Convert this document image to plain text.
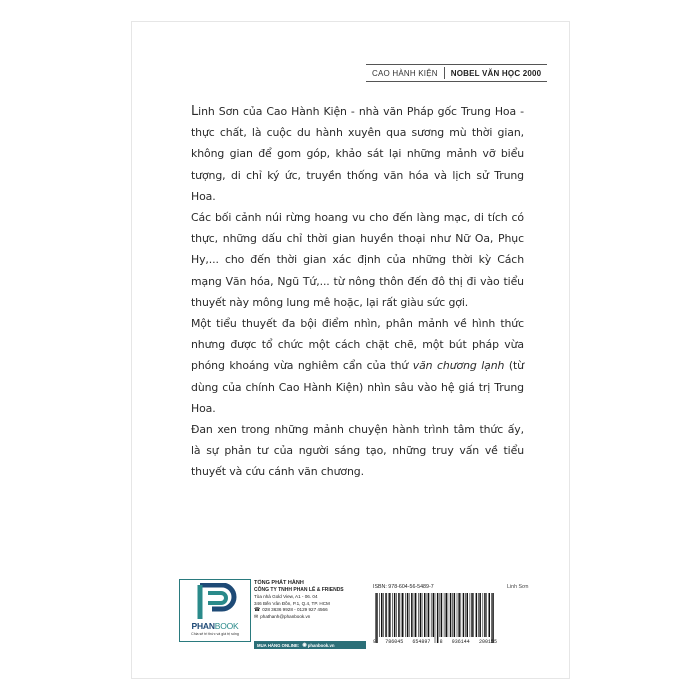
CAO HÀNH KIỆN	NOBEL VĂN HỌC 2000

Linh Sơn của Cao Hành Kiện - nhà văn Pháp gốc Trung Hoa - thực chất, là cuộc du hành xuyên qua sương mù thời gian, không gian để gom góp, khảo sát lại những mảnh vỡ biểu tượng, di chỉ ký ức, truyền thống văn hóa và lịch sử Trung Hoa.

Các bối cảnh núi rừng hoang vu cho đến làng mạc, di tích có thực, những dấu chỉ thời gian huyền thoại như Nữ Oa, Phục Hy,... cho đến thời gian xác định của những thời kỳ Cách mạng Văn hóa, Ngũ Tứ,... từ nông thôn đến đô thị đi vào tiểu thuyết này mông lung mê hoặc, lại rất giàu sức gợi.

Một tiểu thuyết đa bội điểm nhìn, phân mảnh về hình thức nhưng được tổ chức một cách chặt chẽ, một bút pháp vừa phóng khoáng vừa nghiêm cẩn của thứ văn chương lạnh (từ dùng của chính Cao Hành Kiện) nhìn sâu vào hệ giá trị Trung Hoa.

Đan xen trong những mảnh chuyện hành trình tâm thức ấy, là sự phản tư của người sáng tạo, những truy vấn về tiểu thuyết và cứu cánh văn chương.

PHANBOOK
Chia sẻ tri thức và giá trị sống
TỔNG PHÁT HÀNH
CÔNG TY TNHH PHAN LÊ & FRIENDS
Tòa nhà Gold View, A1 - 06. 04
346 Bến Vân Đồn, P.1, Q.4, TP. HCM
☎ 028 3636 9928 - 0129 927 4566
✉ phathanh@phanbook.vn
MUA HÀNG ONLINE: ◉ phanbook.vn
ISBN: 978-604-56-5489-7
9 786045 654897 8 936144 200155
Linh Sơn
